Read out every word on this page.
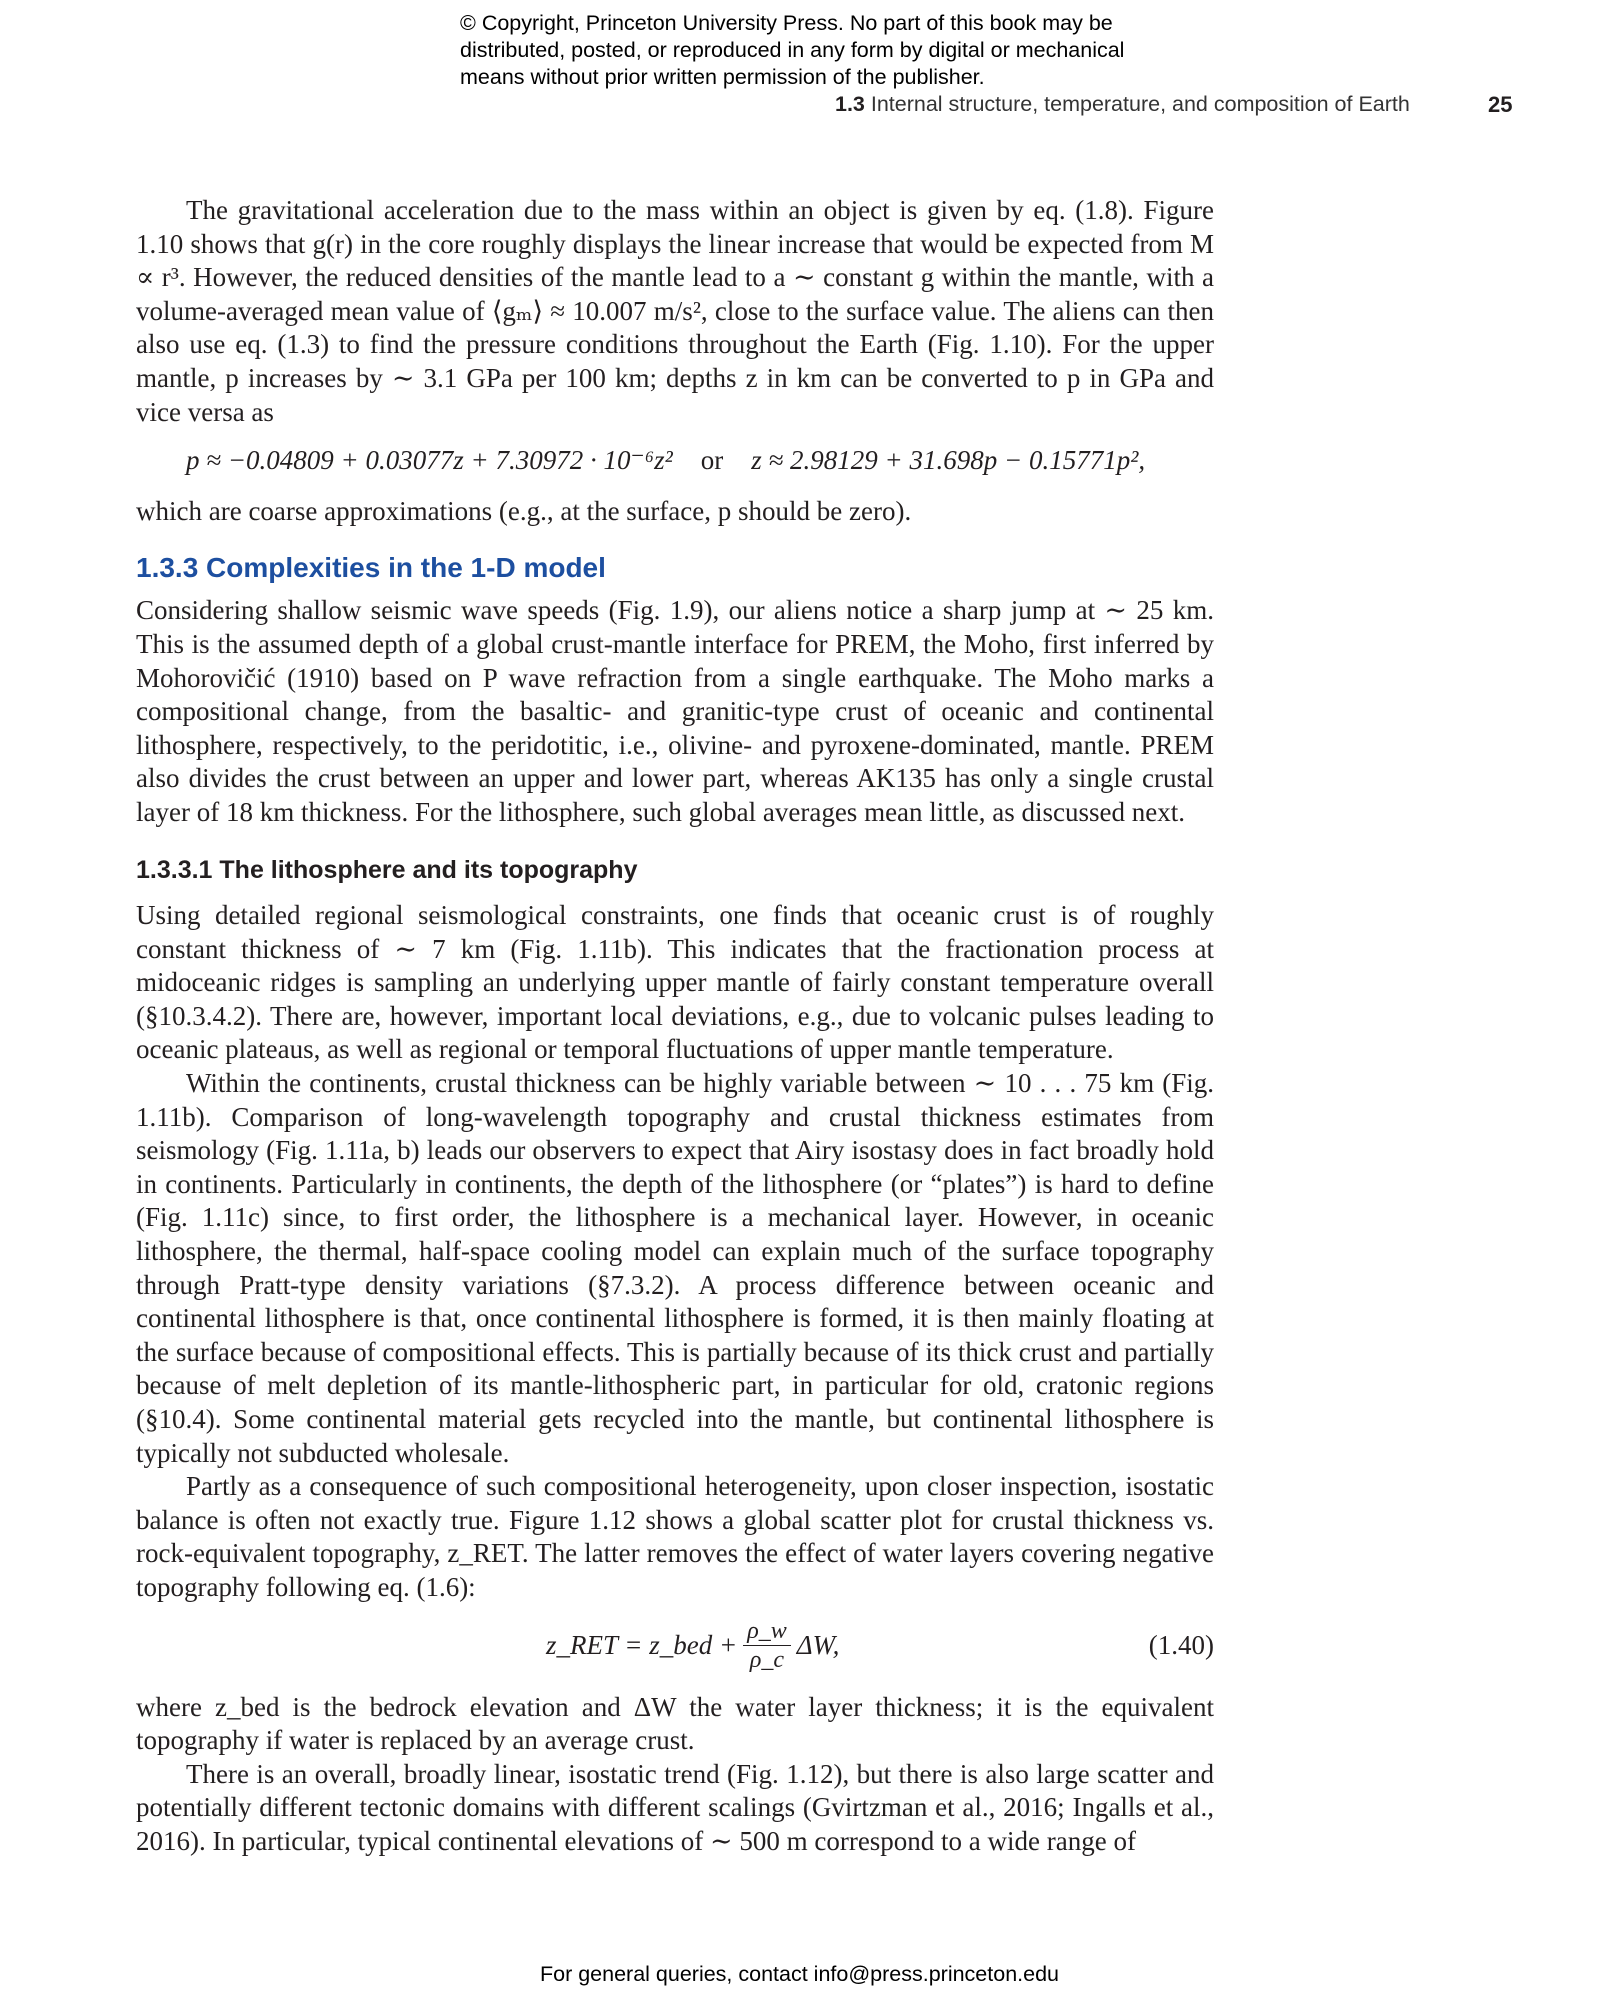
© Copyright, Princeton University Press. No part of this book may be
distributed, posted, or reproduced in any form by digital or mechanical
means without prior written permission of the publisher.
1.3 Internal structure, temperature, and composition of Earth	25

The gravitational acceleration due to the mass within an object is given by eq. (1.8). Figure 1.10 shows that g(r) in the core roughly displays the linear increase that would be expected from M ∝ r³. However, the reduced densities of the mantle lead to a ∼ constant g within the mantle, with a volume-averaged mean value of ⟨gₘ⟩ ≈ 10.007 m/s², close to the surface value. The aliens can then also use eq. (1.3) to find the pressure conditions throughout the Earth (Fig. 1.10). For the upper mantle, p increases by ∼ 3.1 GPa per 100 km; depths z in km can be converted to p in GPa and vice versa as

p ≈ −0.04809 + 0.03077z + 7.30972 · 10⁻⁶z² or z ≈ 2.98129 + 31.698p − 0.15771p²,

which are coarse approximations (e.g., at the surface, p should be zero).

1.3.3 Complexities in the 1-D model

Considering shallow seismic wave speeds (Fig. 1.9), our aliens notice a sharp jump at ∼ 25 km. This is the assumed depth of a global crust-mantle interface for PREM, the Moho, first inferred by Mohorovičić (1910) based on P wave refraction from a single earthquake. The Moho marks a compositional change, from the basaltic- and granitic-type crust of oceanic and continental lithosphere, respectively, to the peridotitic, i.e., olivine- and pyroxene-dominated, mantle. PREM also divides the crust between an upper and lower part, whereas AK135 has only a single crustal layer of 18 km thickness. For the lithosphere, such global averages mean little, as discussed next.

1.3.3.1 The lithosphere and its topography

Using detailed regional seismological constraints, one finds that oceanic crust is of roughly constant thickness of ∼ 7 km (Fig. 1.11b). This indicates that the fractionation process at midoceanic ridges is sampling an underlying upper mantle of fairly constant temperature overall (§10.3.4.2). There are, however, important local deviations, e.g., due to volcanic pulses leading to oceanic plateaus, as well as regional or temporal fluctuations of upper mantle temperature.

Within the continents, crustal thickness can be highly variable between ∼ 10 . . . 75 km (Fig. 1.11b). Comparison of long-wavelength topography and crustal thickness estimates from seismology (Fig. 1.11a, b) leads our observers to expect that Airy isostasy does in fact broadly hold in continents. Particularly in continents, the depth of the lithosphere (or “plates”) is hard to define (Fig. 1.11c) since, to first order, the lithosphere is a mechanical layer. However, in oceanic lithosphere, the thermal, half-space cooling model can explain much of the surface topography through Pratt-type density variations (§7.3.2). A process difference between oceanic and continental lithosphere is that, once continental lithosphere is formed, it is then mainly floating at the surface because of compositional effects. This is partially because of its thick crust and partially because of melt depletion of its mantle-lithospheric part, in particular for old, cratonic regions (§10.4). Some continental material gets recycled into the mantle, but continental lithosphere is typically not subducted wholesale.

Partly as a consequence of such compositional heterogeneity, upon closer inspection, isostatic balance is often not exactly true. Figure 1.12 shows a global scatter plot for crustal thickness vs. rock-equivalent topography, z_RET. The latter removes the effect of water layers covering negative topography following eq. (1.6):

z_RET = z_bed + $\frac{\rho\_w}{\rho\_c} \Delta W$,	(1.40)

where z_bed is the bedrock elevation and ΔW the water layer thickness; it is the equivalent topography if water is replaced by an average crust.

There is an overall, broadly linear, isostatic trend (Fig. 1.12), but there is also large scatter and potentially different tectonic domains with different scalings (Gvirtzman et al., 2016; Ingalls et al., 2016). In particular, typical continental elevations of ∼ 500 m correspond to a wide range of

For general queries, contact info@press.princeton.edu
